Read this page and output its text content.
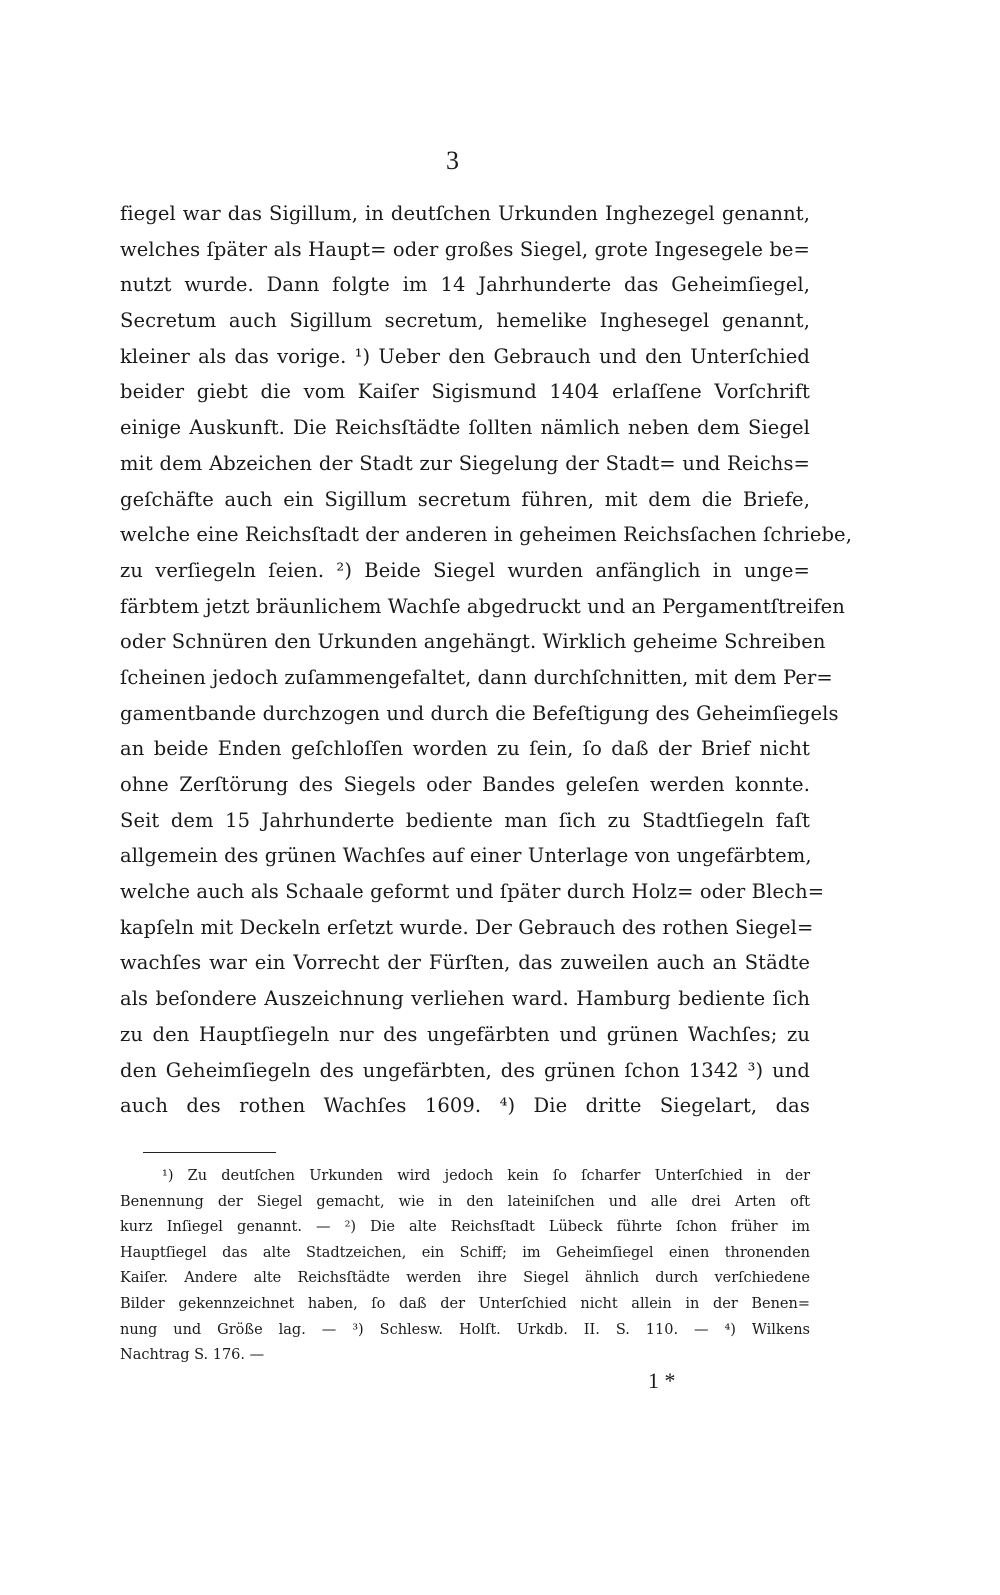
3
fiegel war das Sigillum, in deutſchen Urkunden Inghezegel genannt,
welches ſpäter als Haupt= oder großes Siegel, grote Ingesegele be=
nutzt wurde. Dann folgte im 14 Jahrhunderte das Geheimſiegel,
Secretum auch Sigillum secretum, hemelike Inghesegel genannt,
kleiner als das vorige. ¹) Ueber den Gebrauch und den Unterſchied
beider giebt die vom Kaiſer Sigismund 1404 erlaſſene Vorſchrift
einige Auskunft. Die Reichsſtädte ſollten nämlich neben dem Siegel
mit dem Abzeichen der Stadt zur Siegelung der Stadt= und Reichs=
geſchäfte auch ein Sigillum secretum führen, mit dem die Briefe,
welche eine Reichsſtadt der anderen in geheimen Reichsſachen ſchriebe,
zu verſiegeln ſeien. ²) Beide Siegel wurden anfänglich in unge=
färbtem jetzt bräunlichem Wachſe abgedruckt und an Pergamentſtreifen
oder Schnüren den Urkunden angehängt. Wirklich geheime Schreiben
ſcheinen jedoch zuſammengefaltet, dann durchſchnitten, mit dem Per=
gamentbande durchzogen und durch die Befeſtigung des Geheimſiegels
an beide Enden geſchloſſen worden zu ſein, ſo daß der Brief nicht
ohne Zerſtörung des Siegels oder Bandes geleſen werden konnte.
Seit dem 15 Jahrhunderte bediente man ſich zu Stadtſiegeln faſt
allgemein des grünen Wachſes auf einer Unterlage von ungefärbtem,
welche auch als Schaale geformt und ſpäter durch Holz= oder Blech=
kapſeln mit Deckeln erſetzt wurde. Der Gebrauch des rothen Siegel=
wachſes war ein Vorrecht der Fürſten, das zuweilen auch an Städte
als beſondere Auszeichnung verliehen ward. Hamburg bediente ſich
zu den Hauptſiegeln nur des ungefärbten und grünen Wachſes; zu
den Geheimſiegeln des ungefärbten, des grünen ſchon 1342 ³) und
auch des rothen Wachſes 1609. ⁴) Die dritte Siegelart, das
¹) Zu deutſchen Urkunden wird jedoch kein ſo ſcharfer Unterſchied in der
Benennung der Siegel gemacht, wie in den lateiniſchen und alle drei Arten oft
kurz Inſiegel genannt. — ²) Die alte Reichsſtadt Lübeck führte ſchon früher im
Hauptſiegel das alte Stadtzeichen, ein Schiff; im Geheimſiegel einen thronenden
Kaiſer. Andere alte Reichsſtädte werden ihre Siegel ähnlich durch verſchiedene
Bilder gekennzeichnet haben, ſo daß der Unterſchied nicht allein in der Benen=
nung und Größe lag. — ³) Schlesw. Holſt. Urkdb. II. S. 110. — ⁴) Wilkens
Nachtrag S. 176. —
1 *
